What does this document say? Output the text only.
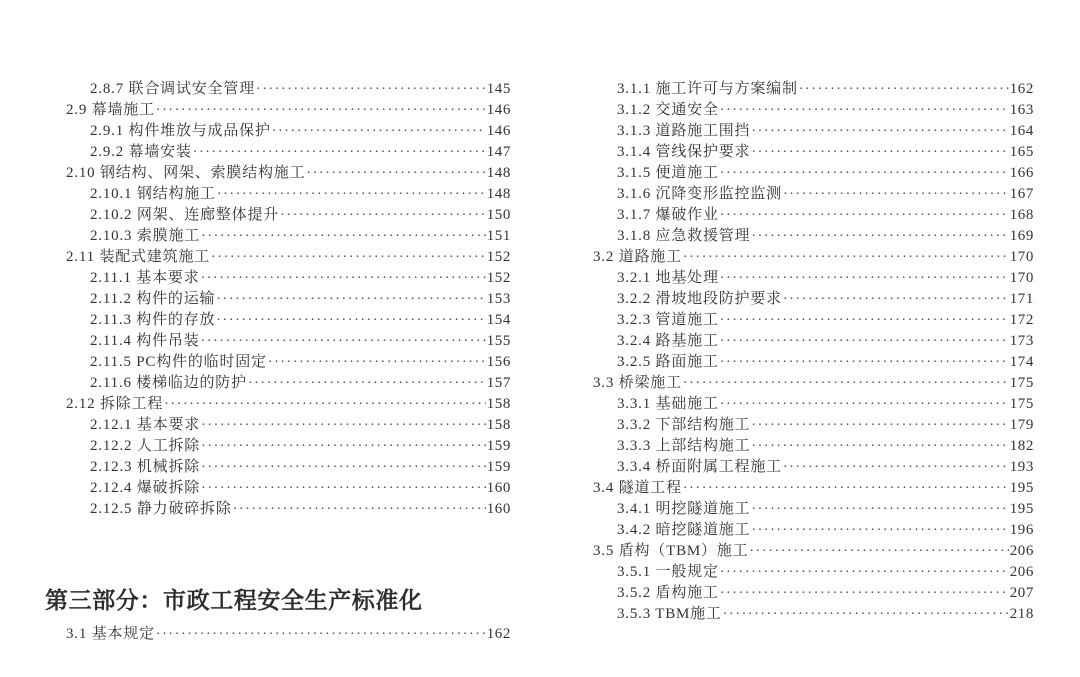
2.8.7 联合调试安全管理 ·····	145
2.9 幕墙施工 ·····	146
2.9.1 构件堆放与成品保护 ·····	146
2.9.2 幕墙安装 ·····	147
2.10 钢结构、网架、索膜结构施工 ·····	148
2.10.1 钢结构施工 ·····	148
2.10.2 网架、连廊整体提升 ·····	150
2.10.3 索膜施工 ·····	151
2.11 装配式建筑施工 ·····	152
2.11.1 基本要求 ·····	152
2.11.2 构件的运输 ·····	153
2.11.3 构件的存放 ·····	154
2.11.4 构件吊装 ·····	155
2.11.5 PC构件的临时固定 ·····	156
2.11.6 楼梯临边的防护 ·····	157
2.12 拆除工程 ·····	158
2.12.1 基本要求 ·····	158
2.12.2 人工拆除 ·····	159
2.12.3 机械拆除 ·····	159
2.12.4 爆破拆除 ·····	160
2.12.5 静力破碎拆除 ·····	160
第三部分：市政工程安全生产标准化
3.1 基本规定 ·····	162
3.1.1 施工许可与方案编制 ·····	162
3.1.2 交通安全 ·····	163
3.1.3 道路施工围挡 ·····	164
3.1.4 管线保护要求 ·····	165
3.1.5 便道施工 ·····	166
3.1.6 沉降变形监控监测 ·····	167
3.1.7 爆破作业 ·····	168
3.1.8 应急救援管理 ·····	169
3.2 道路施工 ·····	170
3.2.1 地基处理 ·····	170
3.2.2 滑坡地段防护要求 ·····	171
3.2.3 管道施工 ·····	172
3.2.4 路基施工 ·····	173
3.2.5 路面施工 ·····	174
3.3 桥梁施工 ·····	175
3.3.1 基础施工 ·····	175
3.3.2 下部结构施工 ·····	179
3.3.3 上部结构施工 ·····	182
3.3.4 桥面附属工程施工 ·····	193
3.4 隧道工程 ·····	195
3.4.1 明挖隧道施工 ·····	195
3.4.2 暗挖隧道施工 ·····	196
3.5 盾构（TBM）施工 ·····	206
3.5.1 一般规定 ·····	206
3.5.2 盾构施工 ·····	207
3.5.3 TBM施工 ·····	218
